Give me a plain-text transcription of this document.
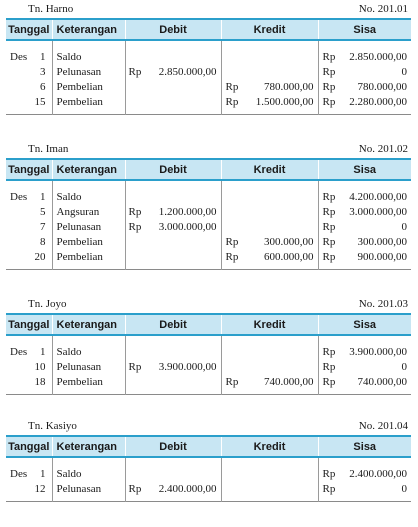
Tn. Harno	No. 201.01
Tanggal	Keterangan	Debit	Kredit	Sisa

Des 1	Saldo			Rp 2.850.000,00

3	Pelunasan	Rp 2.850.000,00		Rp 0

6	Pembelian		Rp 780.000,00	Rp 780.000,00

15	Pembelian		Rp 1.500.000,00	Rp 2.280.000,00

Tn. Iman	No. 201.02
Tanggal	Keterangan	Debit	Kredit	Sisa

Des 1	Saldo			Rp 4.200.000,00

5	Angsuran	Rp 1.200.000,00		Rp 3.000.000,00

7	Pelunasan	Rp 3.000.000,00		Rp 0

8	Pembelian		Rp 300.000,00	Rp 300.000,00

20	Pembelian		Rp 600.000,00	Rp 900.000,00

Tn. Joyo	No. 201.03
Tanggal	Keterangan	Debit	Kredit	Sisa

Des 1	Saldo			Rp 3.900.000,00

10	Pelunasan	Rp 3.900.000,00		Rp 0

18	Pembelian		Rp 740.000,00	Rp 740.000,00

Tn. Kasiyo	No. 201.04
Tanggal	Keterangan	Debit	Kredit	Sisa

Des 1	Saldo			Rp 2.400.000,00

12	Pelunasan	Rp 2.400.000,00		Rp 0
